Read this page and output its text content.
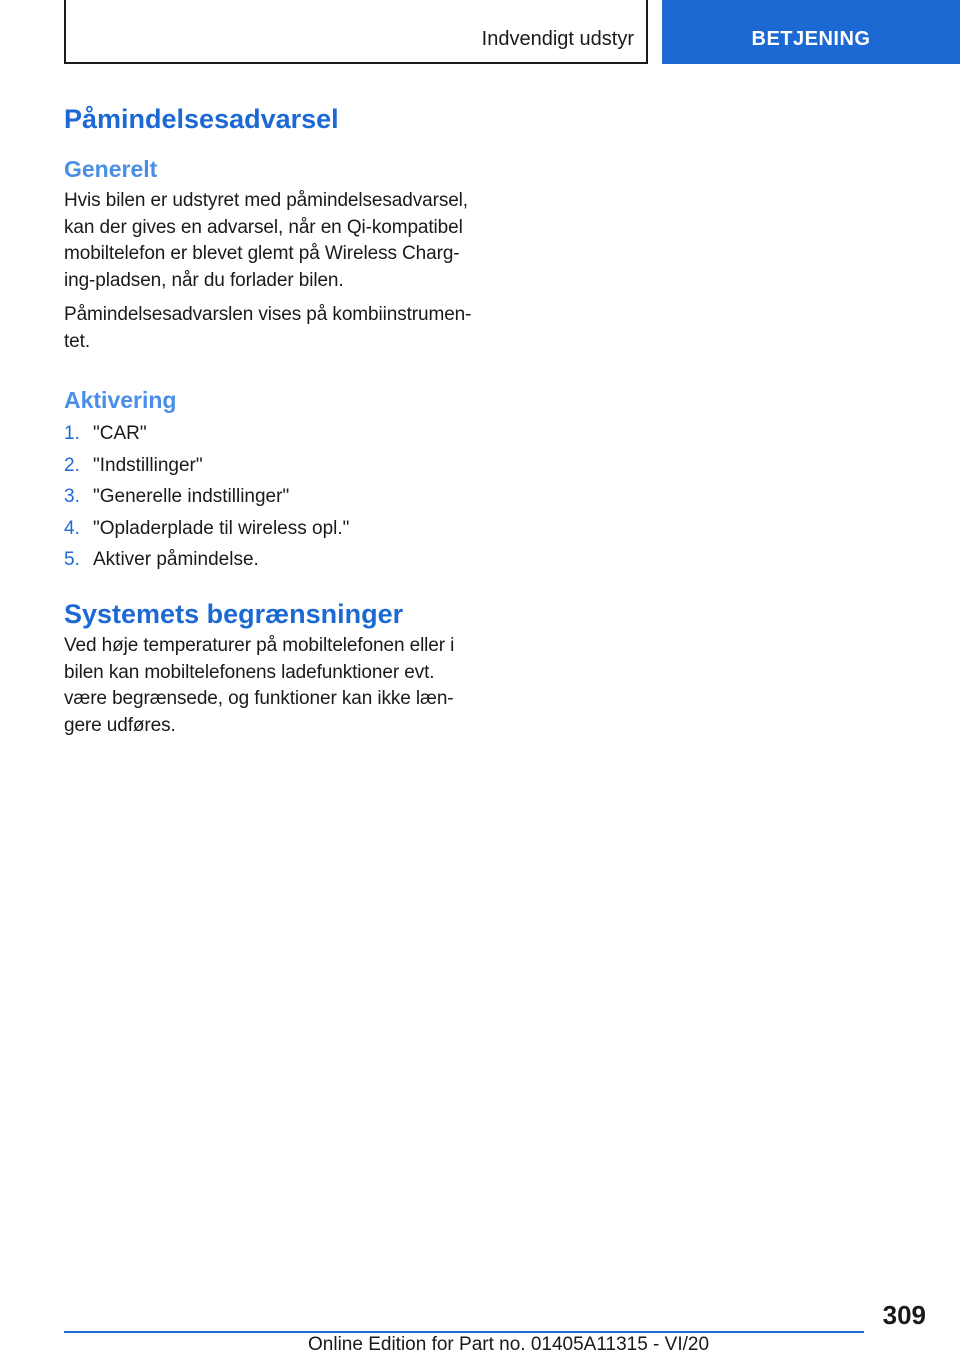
Indvendigt udstyr	BETJENING
Påmindelsesadvarsel
Generelt

Hvis bilen er udstyret med påmindelsesadvarsel, kan der gives en advarsel, når en Qi-kompatibel mobiltelefon er blevet glemt på Wireless Charg-ing-pladsen, når du forlader bilen.

Påmindelsesadvarslen vises på kombiinstrumen-tet.

Aktivering
1. "CAR"
2. "Indstillinger"
3. "Generelle indstillinger"
4. "Opladerplade til wireless opl."
5. Aktiver påmindelse.
Systemets begrænsninger

Ved høje temperaturer på mobiltelefonen eller i bilen kan mobiltelefonens ladefunktioner evt. være begrænsede, og funktioner kan ikke læn-gere udføres.

309
Online Edition for Part no. 01405A11315 - VI/20
